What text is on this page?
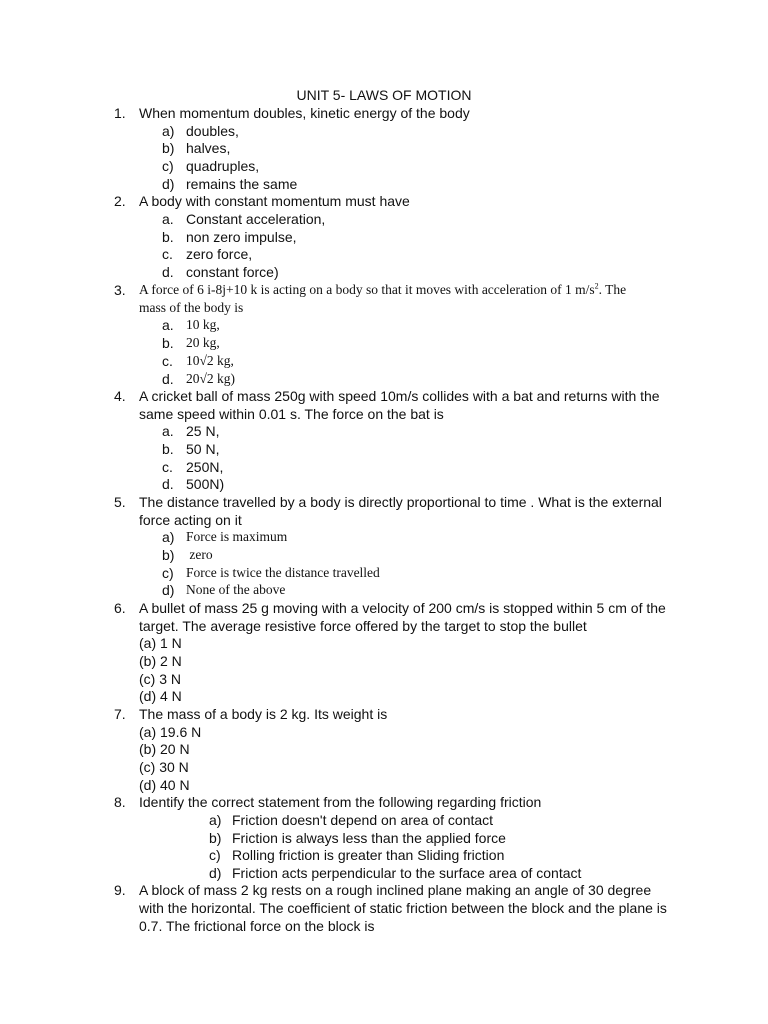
UNIT 5- LAWS OF MOTION
1. When momentum doubles, kinetic energy of the body
a) doubles,
b) halves,
c) quadruples,
d) remains the same
2. A body with constant momentum must have
a. Constant acceleration,
b. non zero impulse,
c. zero force,
d. constant force)
3. A force of 6 i-8j+10 k is acting on a body so that it moves with acceleration of 1 $m/s^2$. The
mass of the body is
a. 10 kg,
b. 20 kg,
c. 10√2 kg,
d. 20√2 kg)
4. A cricket ball of mass 250g with speed 10m/s collides with a bat and returns with the same speed within 0.01 s. The force on the bat is
a. 25 N,
b. 50 N,
c. 250N,
d. 500N)
5. The distance travelled by a body is directly proportional to time . What is the external force acting on it
a) Force is maximum
b) zero
c) Force is twice the distance travelled
d) None of the above
6. A bullet of mass 25 g moving with a velocity of 200 cm/s is stopped within 5 cm of the target. The average resistive force offered by the target to stop the bullet
(a) 1 N
(b) 2 N
(c) 3 N
(d) 4 N
7. The mass of a body is 2 kg. Its weight is
(a) 19.6 N
(b) 20 N
(c) 30 N
(d) 40 N
8. Identify the correct statement from the following regarding friction
a) Friction doesn't depend on area of contact
b) Friction is always less than the applied force
c) Rolling friction is greater than Sliding friction
d) Friction acts perpendicular to the surface area of contact
9. A block of mass 2 kg rests on a rough inclined plane making an angle of 30 degree with the horizontal. The coefficient of static friction between the block and the plane is 0.7. The frictional force on the block is
